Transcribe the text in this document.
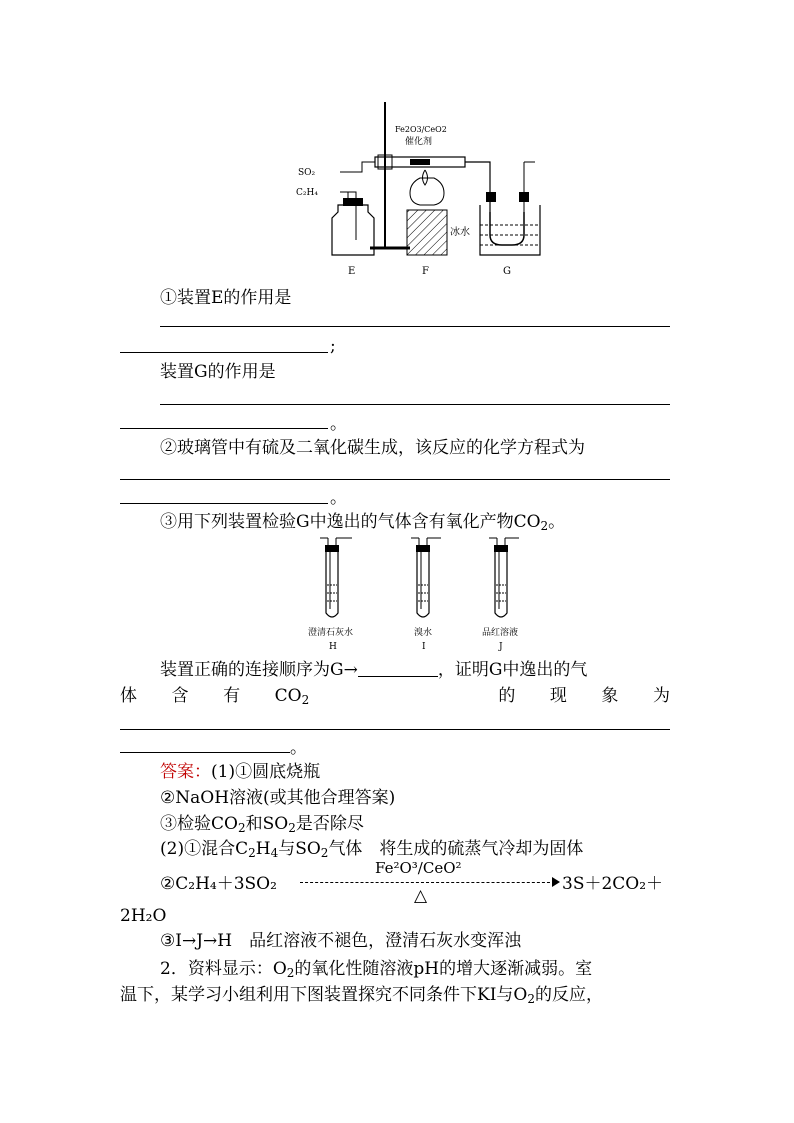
Fe2O3/CeO2
催化剂
SO₂
C₂H₄
冰水
E	F	G
①装置E的作用是
;
装置G的作用是
。
②玻璃管中有硫及二氧化碳生成，该反应的化学方程式为
。
③用下列装置检验G中逸出的气体含有氧化产物$CO_2$。
澄清石灰水
H
溴水
I
品红溶液
J
装置正确的连接顺序为G→	，证明G中逸出的气
体 含 有 $CO_2$	的 现 象 为
。
答案：(1)①圆底烧瓶
②NaOH溶液(或其他合理答案)
③检验$CO_2$和$SO_2$是否除尽
(2)①混合$C_2H_4$与$SO_2$气体　将生成的硫蒸气冷却为固体
②C₂H₄＋3SO₂
Fe²O³/CeO²
△
3S＋2CO₂＋
2H₂O
③I→J→H　品红溶液不褪色，澄清石灰水变浑浊
2．资料显示：$O_2$的氧化性随溶液pH的增大逐渐减弱。室
温下，某学习小组利用下图装置探究不同条件下KI与$O_2$的反应，
